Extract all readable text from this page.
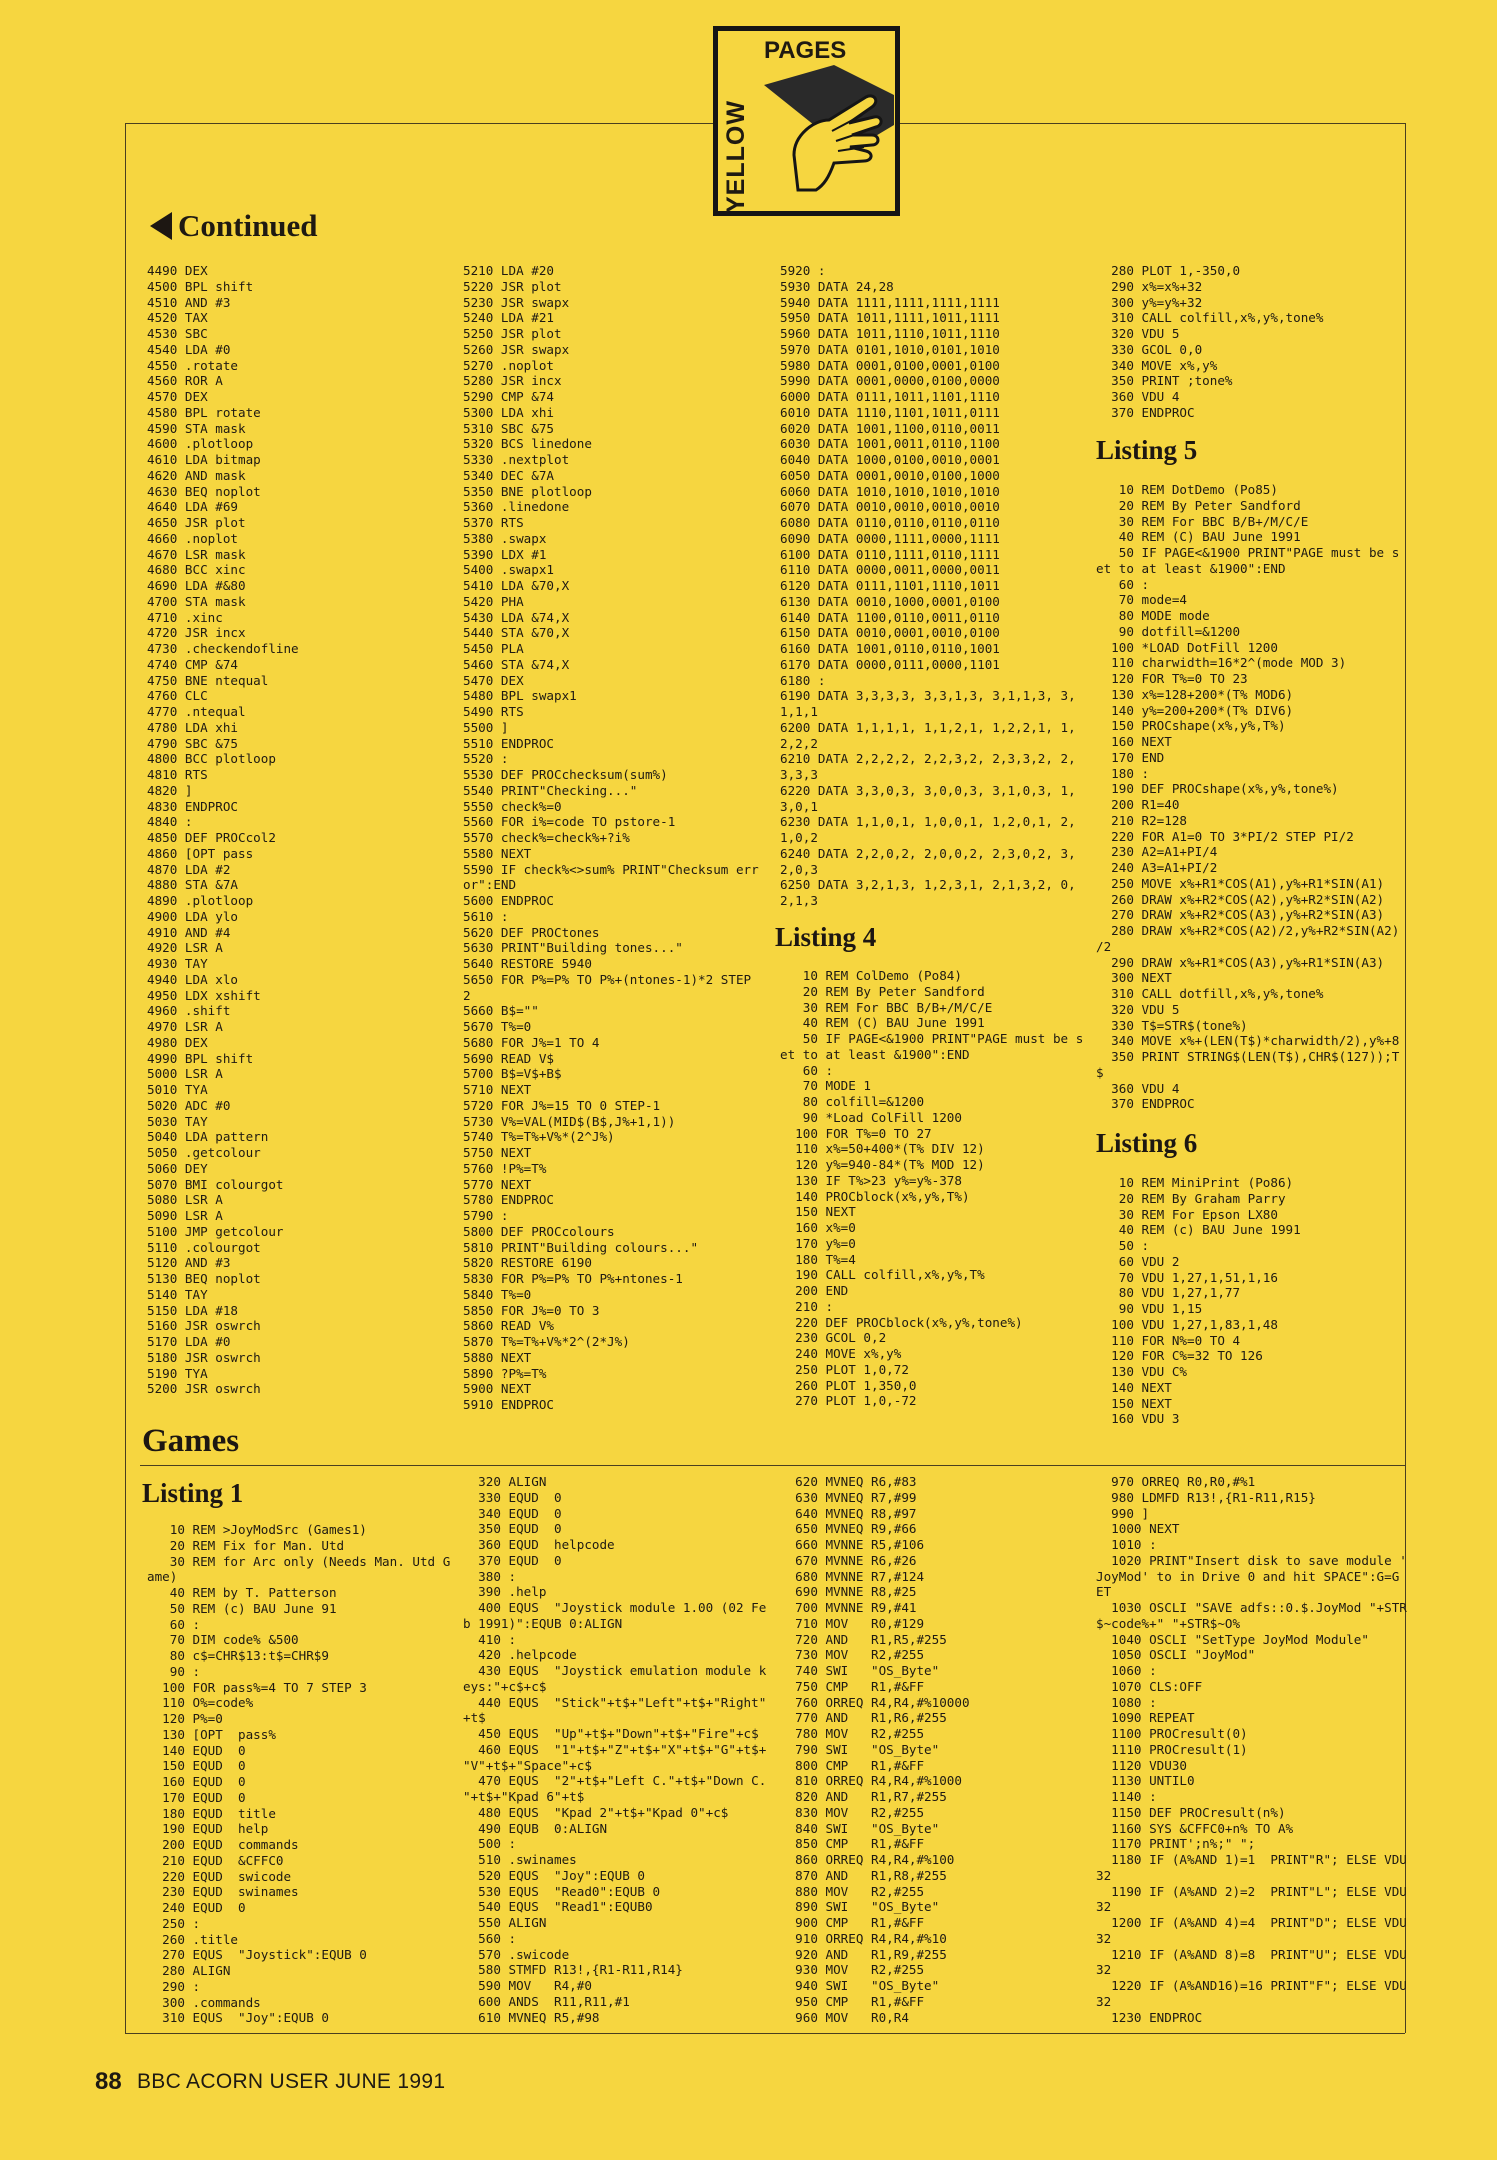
YELLOW
PAGES
Continued
4490 DEX
4500 BPL shift
4510 AND #3
4520 TAX
4530 SBC
4540 LDA #0
4550 .rotate
4560 ROR A
4570 DEX
4580 BPL rotate
4590 STA mask
4600 .plotloop
4610 LDA bitmap
4620 AND mask
4630 BEQ noplot
4640 LDA #69
4650 JSR plot
4660 .noplot
4670 LSR mask
4680 BCC xinc
4690 LDA #&80
4700 STA mask
4710 .xinc
4720 JSR incx
4730 .checkendofline
4740 CMP &74
4750 BNE ntequal
4760 CLC
4770 .ntequal
4780 LDA xhi
4790 SBC &75
4800 BCC plotloop
4810 RTS
4820 ]
4830 ENDPROC
4840 :
4850 DEF PROCcol2
4860 [OPT pass
4870 LDA #2
4880 STA &7A
4890 .plotloop
4900 LDA ylo
4910 AND #4
4920 LSR A
4930 TAY
4940 LDA xlo
4950 LDX xshift
4960 .shift
4970 LSR A
4980 DEX
4990 BPL shift
5000 LSR A
5010 TYA
5020 ADC #0
5030 TAY
5040 LDA pattern
5050 .getcolour
5060 DEY
5070 BMI colourgot
5080 LSR A
5090 LSR A
5100 JMP getcolour
5110 .colourgot
5120 AND #3
5130 BEQ noplot
5140 TAY
5150 LDA #18
5160 JSR oswrch
5170 LDA #0
5180 JSR oswrch
5190 TYA
5200 JSR oswrch
5210 LDA #20
5220 JSR plot
5230 JSR swapx
5240 LDA #21
5250 JSR plot
5260 JSR swapx
5270 .noplot
5280 JSR incx
5290 CMP &74
5300 LDA xhi
5310 SBC &75
5320 BCS linedone
5330 .nextplot
5340 DEC &7A
5350 BNE plotloop
5360 .linedone
5370 RTS
5380 .swapx
5390 LDX #1
5400 .swapx1
5410 LDA &70,X
5420 PHA
5430 LDA &74,X
5440 STA &70,X
5450 PLA
5460 STA &74,X
5470 DEX
5480 BPL swapx1
5490 RTS
5500 ]
5510 ENDPROC
5520 :
5530 DEF PROCchecksum(sum%)
5540 PRINT"Checking..."
5550 check%=0
5560 FOR i%=code TO pstore-1
5570 check%=check%+?i%
5580 NEXT
5590 IF check%<>sum% PRINT"Checksum err
or":END
5600 ENDPROC
5610 :
5620 DEF PROCtones
5630 PRINT"Building tones..."
5640 RESTORE 5940
5650 FOR P%=P% TO P%+(ntones-1)*2 STEP
2
5660 B$=""
5670 T%=0
5680 FOR J%=1 TO 4
5690 READ V$
5700 B$=V$+B$
5710 NEXT
5720 FOR J%=15 TO 0 STEP-1
5730 V%=VAL(MID$(B$,J%+1,1))
5740 T%=T%+V%*(2^J%)
5750 NEXT
5760 !P%=T%
5770 NEXT
5780 ENDPROC
5790 :
5800 DEF PROCcolours
5810 PRINT"Building colours..."
5820 RESTORE 6190
5830 FOR P%=P% TO P%+ntones-1
5840 T%=0
5850 FOR J%=0 TO 3
5860 READ V%
5870 T%=T%+V%*2^(2*J%)
5880 NEXT
5890 ?P%=T%
5900 NEXT
5910 ENDPROC
5920 :
5930 DATA 24,28
5940 DATA 1111,1111,1111,1111
5950 DATA 1011,1111,1011,1111
5960 DATA 1011,1110,1011,1110
5970 DATA 0101,1010,0101,1010
5980 DATA 0001,0100,0001,0100
5990 DATA 0001,0000,0100,0000
6000 DATA 0111,1011,1101,1110
6010 DATA 1110,1101,1011,0111
6020 DATA 1001,1100,0110,0011
6030 DATA 1001,0011,0110,1100
6040 DATA 1000,0100,0010,0001
6050 DATA 0001,0010,0100,1000
6060 DATA 1010,1010,1010,1010
6070 DATA 0010,0010,0010,0010
6080 DATA 0110,0110,0110,0110
6090 DATA 0000,1111,0000,1111
6100 DATA 0110,1111,0110,1111
6110 DATA 0000,0011,0000,0011
6120 DATA 0111,1101,1110,1011
6130 DATA 0010,1000,0001,0100
6140 DATA 1100,0110,0011,0110
6150 DATA 0010,0001,0010,0100
6160 DATA 1001,0110,0110,1001
6170 DATA 0000,0111,0000,1101
6180 :
6190 DATA 3,3,3,3, 3,3,1,3, 3,1,1,3, 3,
1,1,1
6200 DATA 1,1,1,1, 1,1,2,1, 1,2,2,1, 1,
2,2,2
6210 DATA 2,2,2,2, 2,2,3,2, 2,3,3,2, 2,
3,3,3
6220 DATA 3,3,0,3, 3,0,0,3, 3,1,0,3, 1,
3,0,1
6230 DATA 1,1,0,1, 1,0,0,1, 1,2,0,1, 2,
1,0,2
6240 DATA 2,2,0,2, 2,0,0,2, 2,3,0,2, 3,
2,0,3
6250 DATA 3,2,1,3, 1,2,3,1, 2,1,3,2, 0,
2,1,3
Listing 4
10 REM ColDemo (Po84)
20 REM By Peter Sandford
30 REM For BBC B/B+/M/C/E
40 REM (C) BAU June 1991
50 IF PAGE<&1900 PRINT"PAGE must be s
et to at least &1900":END
60 :
70 MODE 1
80 colfill=&1200
90 *Load ColFill 1200
100 FOR T%=0 TO 27
110 x%=50+400*(T% DIV 12)
120 y%=940-84*(T% MOD 12)
130 IF T%>23 y%=y%-378
140 PROCblock(x%,y%,T%)
150 NEXT
160 x%=0
170 y%=0
180 T%=4
190 CALL colfill,x%,y%,T%
200 END
210 :
220 DEF PROCblock(x%,y%,tone%)
230 GCOL 0,2
240 MOVE x%,y%
250 PLOT 1,0,72
260 PLOT 1,350,0
270 PLOT 1,0,-72
280 PLOT 1,-350,0
290 x%=x%+32
300 y%=y%+32
310 CALL colfill,x%,y%,tone%
320 VDU 5
330 GCOL 0,0
340 MOVE x%,y%
350 PRINT ;tone%
360 VDU 4
370 ENDPROC
Listing 5
10 REM DotDemo (Po85)
20 REM By Peter Sandford
30 REM For BBC B/B+/M/C/E
40 REM (C) BAU June 1991
50 IF PAGE<&1900 PRINT"PAGE must be s
et to at least &1900":END
60 :
70 mode=4
80 MODE mode
90 dotfill=&1200
100 *LOAD DotFill 1200
110 charwidth=16*2^(mode MOD 3)
120 FOR T%=0 TO 23
130 x%=128+200*(T% MOD6)
140 y%=200+200*(T% DIV6)
150 PROCshape(x%,y%,T%)
160 NEXT
170 END
180 :
190 DEF PROCshape(x%,y%,tone%)
200 R1=40
210 R2=128
220 FOR A1=0 TO 3*PI/2 STEP PI/2
230 A2=A1+PI/4
240 A3=A1+PI/2
250 MOVE x%+R1*COS(A1),y%+R1*SIN(A1)
260 DRAW x%+R2*COS(A2),y%+R2*SIN(A2)
270 DRAW x%+R2*COS(A3),y%+R2*SIN(A3)
280 DRAW x%+R2*COS(A2)/2,y%+R2*SIN(A2)
/2
290 DRAW x%+R1*COS(A3),y%+R1*SIN(A3)
300 NEXT
310 CALL dotfill,x%,y%,tone%
320 VDU 5
330 T$=STR$(tone%)
340 MOVE x%+(LEN(T$)*charwidth/2),y%+8
350 PRINT STRING$(LEN(T$),CHR$(127));T
$
360 VDU 4
370 ENDPROC
Listing 6
10 REM MiniPrint (Po86)
20 REM By Graham Parry
30 REM For Epson LX80
40 REM (c) BAU June 1991
50 :
60 VDU 2
70 VDU 1,27,1,51,1,16
80 VDU 1,27,1,77
90 VDU 1,15
100 VDU 1,27,1,83,1,48
110 FOR N%=0 TO 4
120 FOR C%=32 TO 126
130 VDU C%
140 NEXT
150 NEXT
160 VDU 3
Games
Listing 1
10 REM >JoyModSrc (Games1)
20 REM Fix for Man. Utd
30 REM for Arc only (Needs Man. Utd G
ame)
40 REM by T. Patterson
50 REM (c) BAU June 91
60 :
70 DIM code% &500
80 c$=CHR$13:t$=CHR$9
90 :
100 FOR pass%=4 TO 7 STEP 3
110 O%=code%
120 P%=0
130 [OPT  pass%
140 EQUD  0
150 EQUD  0
160 EQUD  0
170 EQUD  0
180 EQUD  title
190 EQUD  help
200 EQUD  commands
210 EQUD  &CFFC0
220 EQUD  swicode
230 EQUD  swinames
240 EQUD  0
250 :
260 .title
270 EQUS  "Joystick":EQUB 0
280 ALIGN
290 :
300 .commands
310 EQUS  "Joy":EQUB 0
320 ALIGN
330 EQUD  0
340 EQUD  0
350 EQUD  0
360 EQUD  helpcode
370 EQUD  0
380 :
390 .help
400 EQUS  "Joystick module 1.00 (02 Fe
b 1991)":EQUB 0:ALIGN
410 :
420 .helpcode
430 EQUS  "Joystick emulation module k
eys:"+c$+c$
440 EQUS  "Stick"+t$+"Left"+t$+"Right"
+t$
450 EQUS  "Up"+t$+"Down"+t$+"Fire"+c$
460 EQUS  "1"+t$+"Z"+t$+"X"+t$+"G"+t$+
"V"+t$+"Space"+c$
470 EQUS  "2"+t$+"Left C."+t$+"Down C.
"+t$+"Kpad 6"+t$
480 EQUS  "Kpad 2"+t$+"Kpad 0"+c$
490 EQUB  0:ALIGN
500 :
510 .swinames
520 EQUS  "Joy":EQUB 0
530 EQUS  "Read0":EQUB 0
540 EQUS  "Read1":EQUB0
550 ALIGN
560 :
570 .swicode
580 STMFD R13!,{R1-R11,R14}
590 MOV   R4,#0
600 ANDS  R11,R11,#1
610 MVNEQ R5,#98
620 MVNEQ R6,#83
630 MVNEQ R7,#99
640 MVNEQ R8,#97
650 MVNEQ R9,#66
660 MVNNE R5,#106
670 MVNNE R6,#26
680 MVNNE R7,#124
690 MVNNE R8,#25
700 MVNNE R9,#41
710 MOV   R0,#129
720 AND   R1,R5,#255
730 MOV   R2,#255
740 SWI   "OS_Byte"
750 CMP   R1,#&FF
760 ORREQ R4,R4,#%10000
770 AND   R1,R6,#255
780 MOV   R2,#255
790 SWI   "OS_Byte"
800 CMP   R1,#&FF
810 ORREQ R4,R4,#%1000
820 AND   R1,R7,#255
830 MOV   R2,#255
840 SWI   "OS_Byte"
850 CMP   R1,#&FF
860 ORREQ R4,R4,#%100
870 AND   R1,R8,#255
880 MOV   R2,#255
890 SWI   "OS_Byte"
900 CMP   R1,#&FF
910 ORREQ R4,R4,#%10
920 AND   R1,R9,#255
930 MOV   R2,#255
940 SWI   "OS_Byte"
950 CMP   R1,#&FF
960 MOV   R0,R4
970 ORREQ R0,R0,#%1
980 LDMFD R13!,{R1-R11,R15}
990 ]
1000 NEXT
1010 :
1020 PRINT"Insert disk to save module '
JoyMod' to in Drive 0 and hit SPACE":G=G
ET
1030 OSCLI "SAVE adfs::0.$.JoyMod "+STR
$~code%+" "+STR$~O%
1040 OSCLI "SetType JoyMod Module"
1050 OSCLI "JoyMod"
1060 :
1070 CLS:OFF
1080 :
1090 REPEAT
1100 PROCresult(0)
1110 PROCresult(1)
1120 VDU30
1130 UNTIL0
1140 :
1150 DEF PROCresult(n%)
1160 SYS &CFFC0+n% TO A%
1170 PRINT';n%;" ";
1180 IF (A%AND 1)=1  PRINT"R"; ELSE VDU
32
1190 IF (A%AND 2)=2  PRINT"L"; ELSE VDU
32
1200 IF (A%AND 4)=4  PRINT"D"; ELSE VDU
32
1210 IF (A%AND 8)=8  PRINT"U"; ELSE VDU
32
1220 IF (A%AND16)=16 PRINT"F"; ELSE VDU
32
1230 ENDPROC
88 BBC ACORN USER JUNE 1991
